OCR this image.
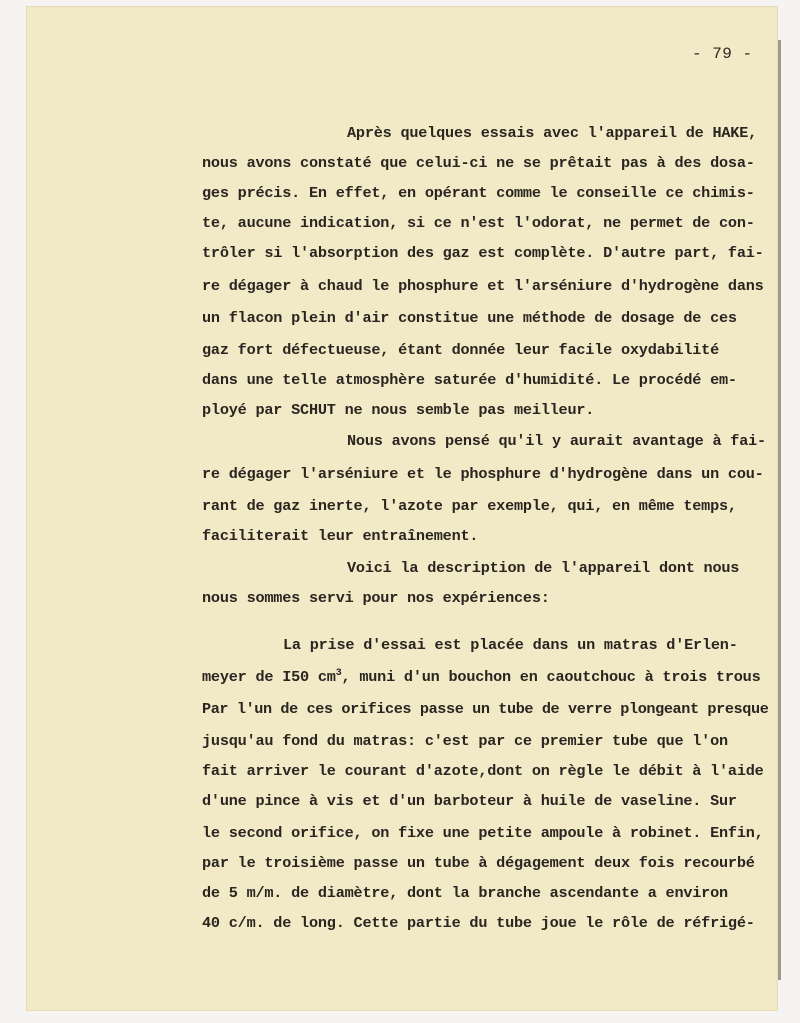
- 79 -
Après quelques essais avec l'appareil de HAKE,
nous avons constaté que celui-ci ne se prêtait pas à des dosa-
ges précis. En effet, en opérant comme le conseille ce chimis-
te, aucune indication, si ce n'est l'odorat, ne permet de con-
trôler si l'absorption des gaz est complète. D'autre part, fai-
re dégager à chaud le phosphure et l'arséniure d'hydrogène dans
un flacon plein d'air constitue une méthode de dosage de ces
gaz fort défectueuse, étant donnée leur facile oxydabilité
dans une telle atmosphère saturée d'humidité. Le procédé em-
ployé par SCHUT ne nous semble pas meilleur.
Nous avons pensé qu'il y aurait avantage à fai-
re dégager l'arséniure et le phosphure d'hydrogène dans un cou-
rant de gaz inerte, l'azote par exemple, qui, en même temps,
faciliterait leur entraînement.
Voici la description de l'appareil dont nous
nous sommes servi pour nos expériences:
La prise d'essai est placée dans un matras d'Erlen-
meyer de I50 $cm^3$, muni d'un bouchon en caoutchouc à trois trous
Par l'un de ces orifices passe un tube de verre plongeant presque
jusqu'au fond du matras: c'est par ce premier tube que l'on
fait arriver le courant d'azote,dont on règle le débit à l'aide
d'une pince à vis et d'un barboteur à huile de vaseline. Sur
le second orifice, on fixe une petite ampoule à robinet. Enfin,
par le troisième passe un tube à dégagement deux fois recourbé
de 5 m/m. de diamètre, dont la branche ascendante a environ
40 c/m. de long. Cette partie du tube joue le rôle de réfrigé-
